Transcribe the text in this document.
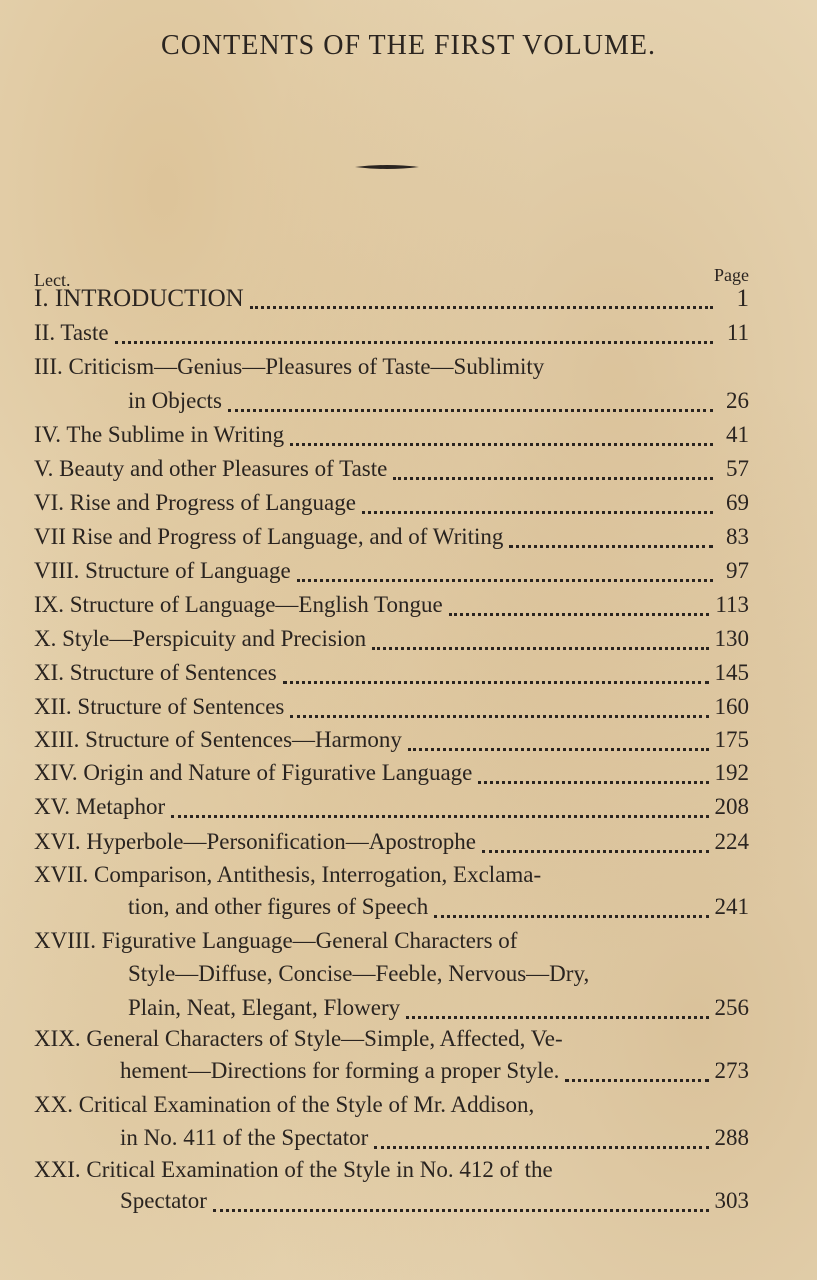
CONTENTS OF THE FIRST VOLUME.
Lect.	Page
I. INTRODUCTION	1
II. Taste	11
III. Criticism—Genius—Pleasures of Taste—Sublimity
in Objects	26
IV. The Sublime in Writing	41
V. Beauty and other Pleasures of Taste	57
VI. Rise and Progress of Language	69
VII Rise and Progress of Language, and of Writing	83
VIII. Structure of Language	97
IX. Structure of Language—English Tongue	113
X. Style—Perspicuity and Precision	130
XI. Structure of Sentences	145
XII. Structure of Sentences	160
XIII. Structure of Sentences—Harmony	175
XIV. Origin and Nature of Figurative Language	192
XV. Metaphor	208
XVI. Hyperbole—Personification—Apostrophe	224
XVII. Comparison, Antithesis, Interrogation, Exclama-
tion, and other figures of Speech	241
XVIII. Figurative Language—General Characters of
Style—Diffuse, Concise—Feeble, Nervous—Dry,
Plain, Neat, Elegant, Flowery	256
XIX. General Characters of Style—Simple, Affected, Ve-
hement—Directions for forming a proper Style.	273
XX. Critical Examination of the Style of Mr. Addison,
in No. 411 of the Spectator	288
XXI. Critical Examination of the Style in No. 412 of the
Spectator	303
